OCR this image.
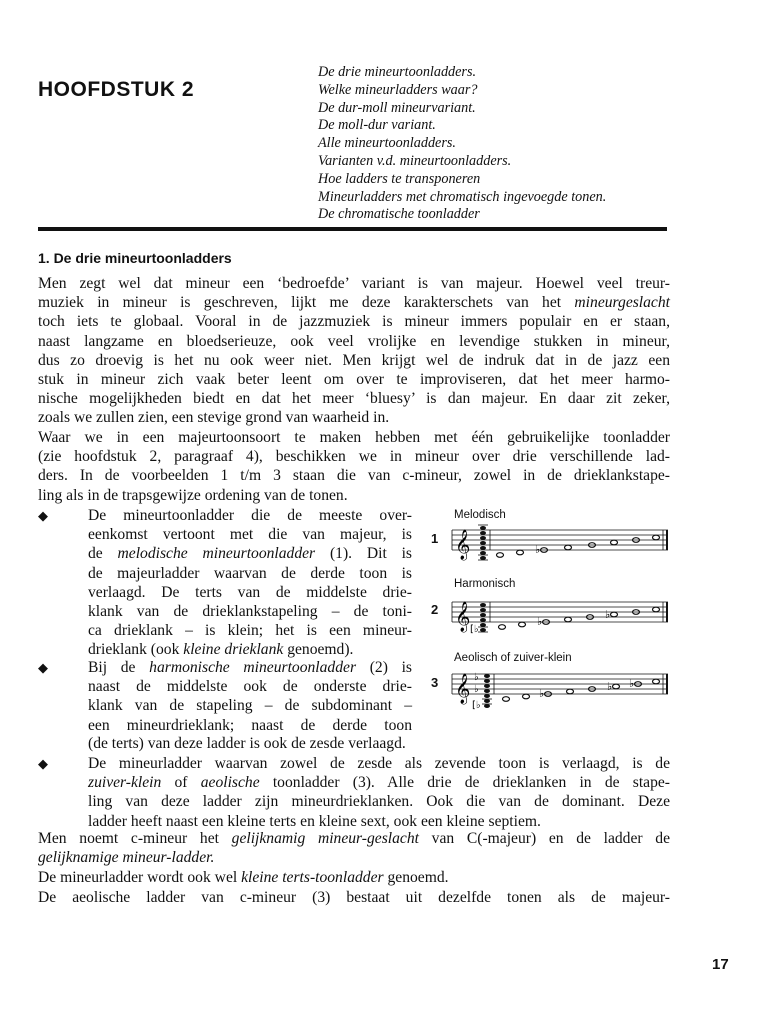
HOOFDSTUK 2
De drie mineurtoonladders.
Welke mineurladders waar?
De dur-moll mineurvariant.
De moll-dur variant.
Alle mineurtoonladders.
Varianten v.d. mineurtoonladders.
Hoe ladders te transponeren
Mineurladders met chromatisch ingevoegde tonen.
De chromatische toonladder
1. De drie mineurtoonladders
Men zegt wel dat mineur een ‘bedroefde’ variant is van majeur. Hoewel veel treur-
muziek in mineur is geschreven, lijkt me deze karakterschets van het mineurgeslacht
toch iets te globaal. Vooral in de jazzmuziek is mineur immers populair en er staan,
naast langzame en bloedserieuze, ook veel vrolijke en levendige stukken in mineur,
dus zo droevig is het nu ook weer niet. Men krijgt wel de indruk dat in de jazz een
stuk in mineur zich vaak beter leent om over te improviseren, dat het meer harmo-
nische mogelijkheden biedt en dat het meer ‘bluesy’ is dan majeur. En daar zit zeker,
zoals we zullen zien, een stevige grond van waarheid in.
Waar we in een majeurtoonsoort te maken hebben met één gebruikelijke toonladder
(zie hoofdstuk 2, paragraaf 4), beschikken we in mineur over drie verschillende lad-
ders. In de voorbeelden 1 t/m 3 staan die van c-mineur, zowel in de drieklankstape-
ling als in de trapsgewijze ordening van de tonen.
◆	De mineurtoonladder die de meeste over-
eenkomst vertoont met die van majeur, is
de melodische mineurtoonladder (1). Dit is
de majeurladder waarvan de derde toon is
verlaagd. De terts van de middelste drie-
klank van de drieklankstapeling – de toni-
ca drieklank – is klein; het is een mineur-
drieklank (ook kleine drieklank genoemd).
◆	Bij de harmonische mineurtoonladder (2) is
naast de middelste ook de onderste drie-
klank van de stapeling – de subdominant –
een mineurdrieklank; naast de derde toon
(de terts) van deze ladder is ook de zesde verlaagd.
◆	De mineurladder waarvan zowel de zesde als zevende toon is verlaagd, is de
zuiver-klein of aeolische toonladder (3). Alle drie de drieklanken in de stape-
ling van deze ladder zijn mineurdrieklanken. Ook die van de dominant. Deze
ladder heeft naast een kleine terts en kleine sext, ook een kleine septiem.
Men noemt c-mineur het gelijknamig mineur-geslacht van C(-majeur) en de ladder de
gelijknamige mineur-ladder.
De mineurladder wordt ook wel kleine terts-toonladder genoemd.
De aeolische ladder van c-mineur (3) bestaat uit dezelfde tonen als de majeur-
Melodisch
1 𝄞	♭
Harmonisch
2 𝄞 [♭
♭
♭
Aeolisch of zuiver-klein
3 𝄞 ♭
♭
[♭
♭
♭ ♭
17
